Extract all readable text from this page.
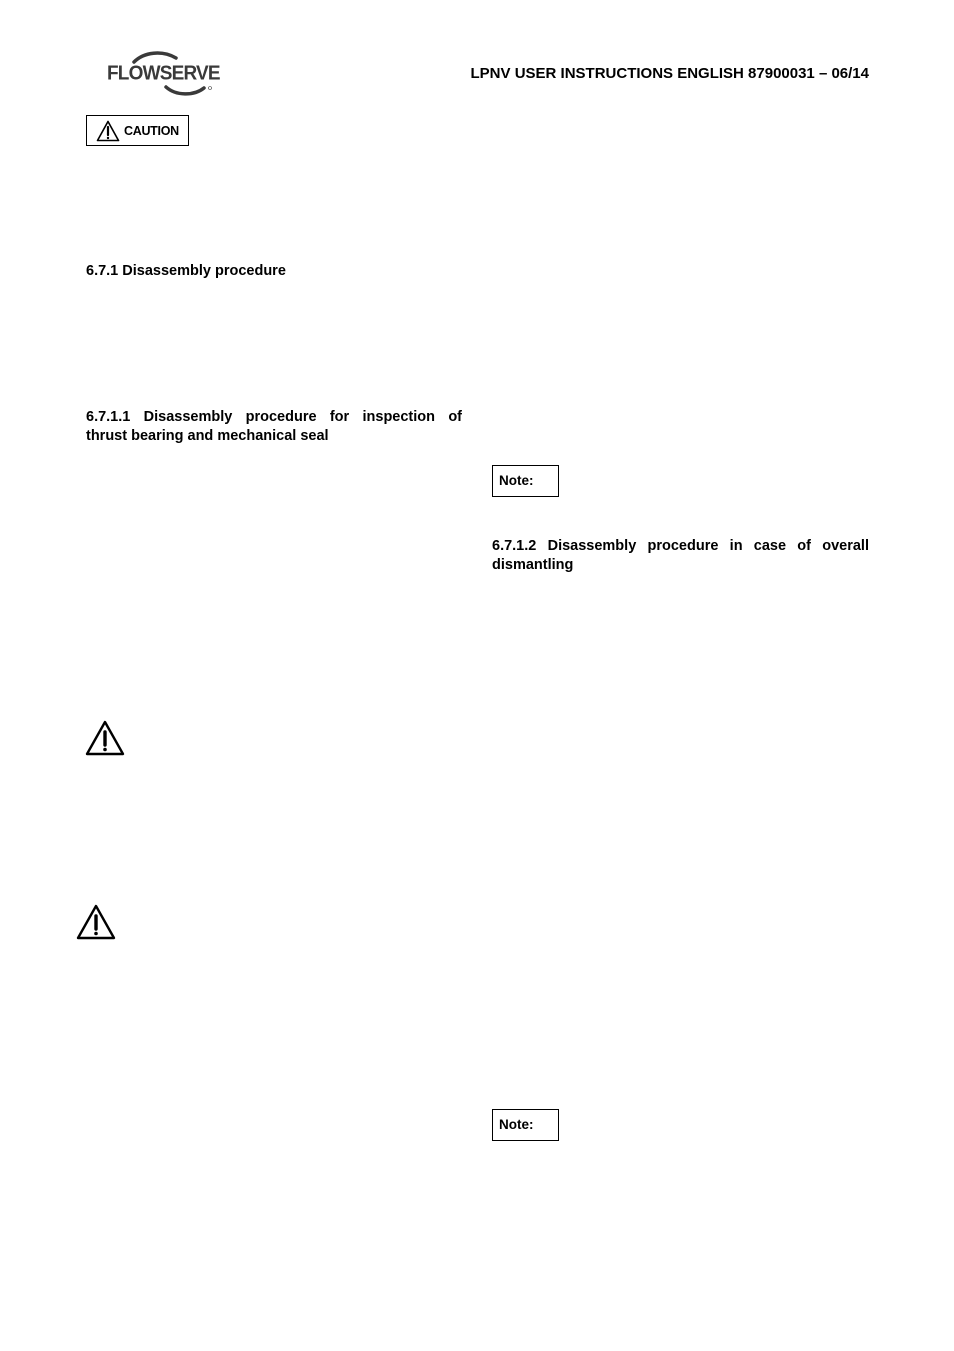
FLOWSERVE	LPNV USER INSTRUCTIONS ENGLISH 87900031 – 06/14
CAUTION
6.7.1 Disassembly procedure
6.7.1.1 Disassembly procedure for inspection of
thrust bearing and mechanical seal
Note:
6.7.1.2 Disassembly procedure in case of overall
dismantling
Note:
